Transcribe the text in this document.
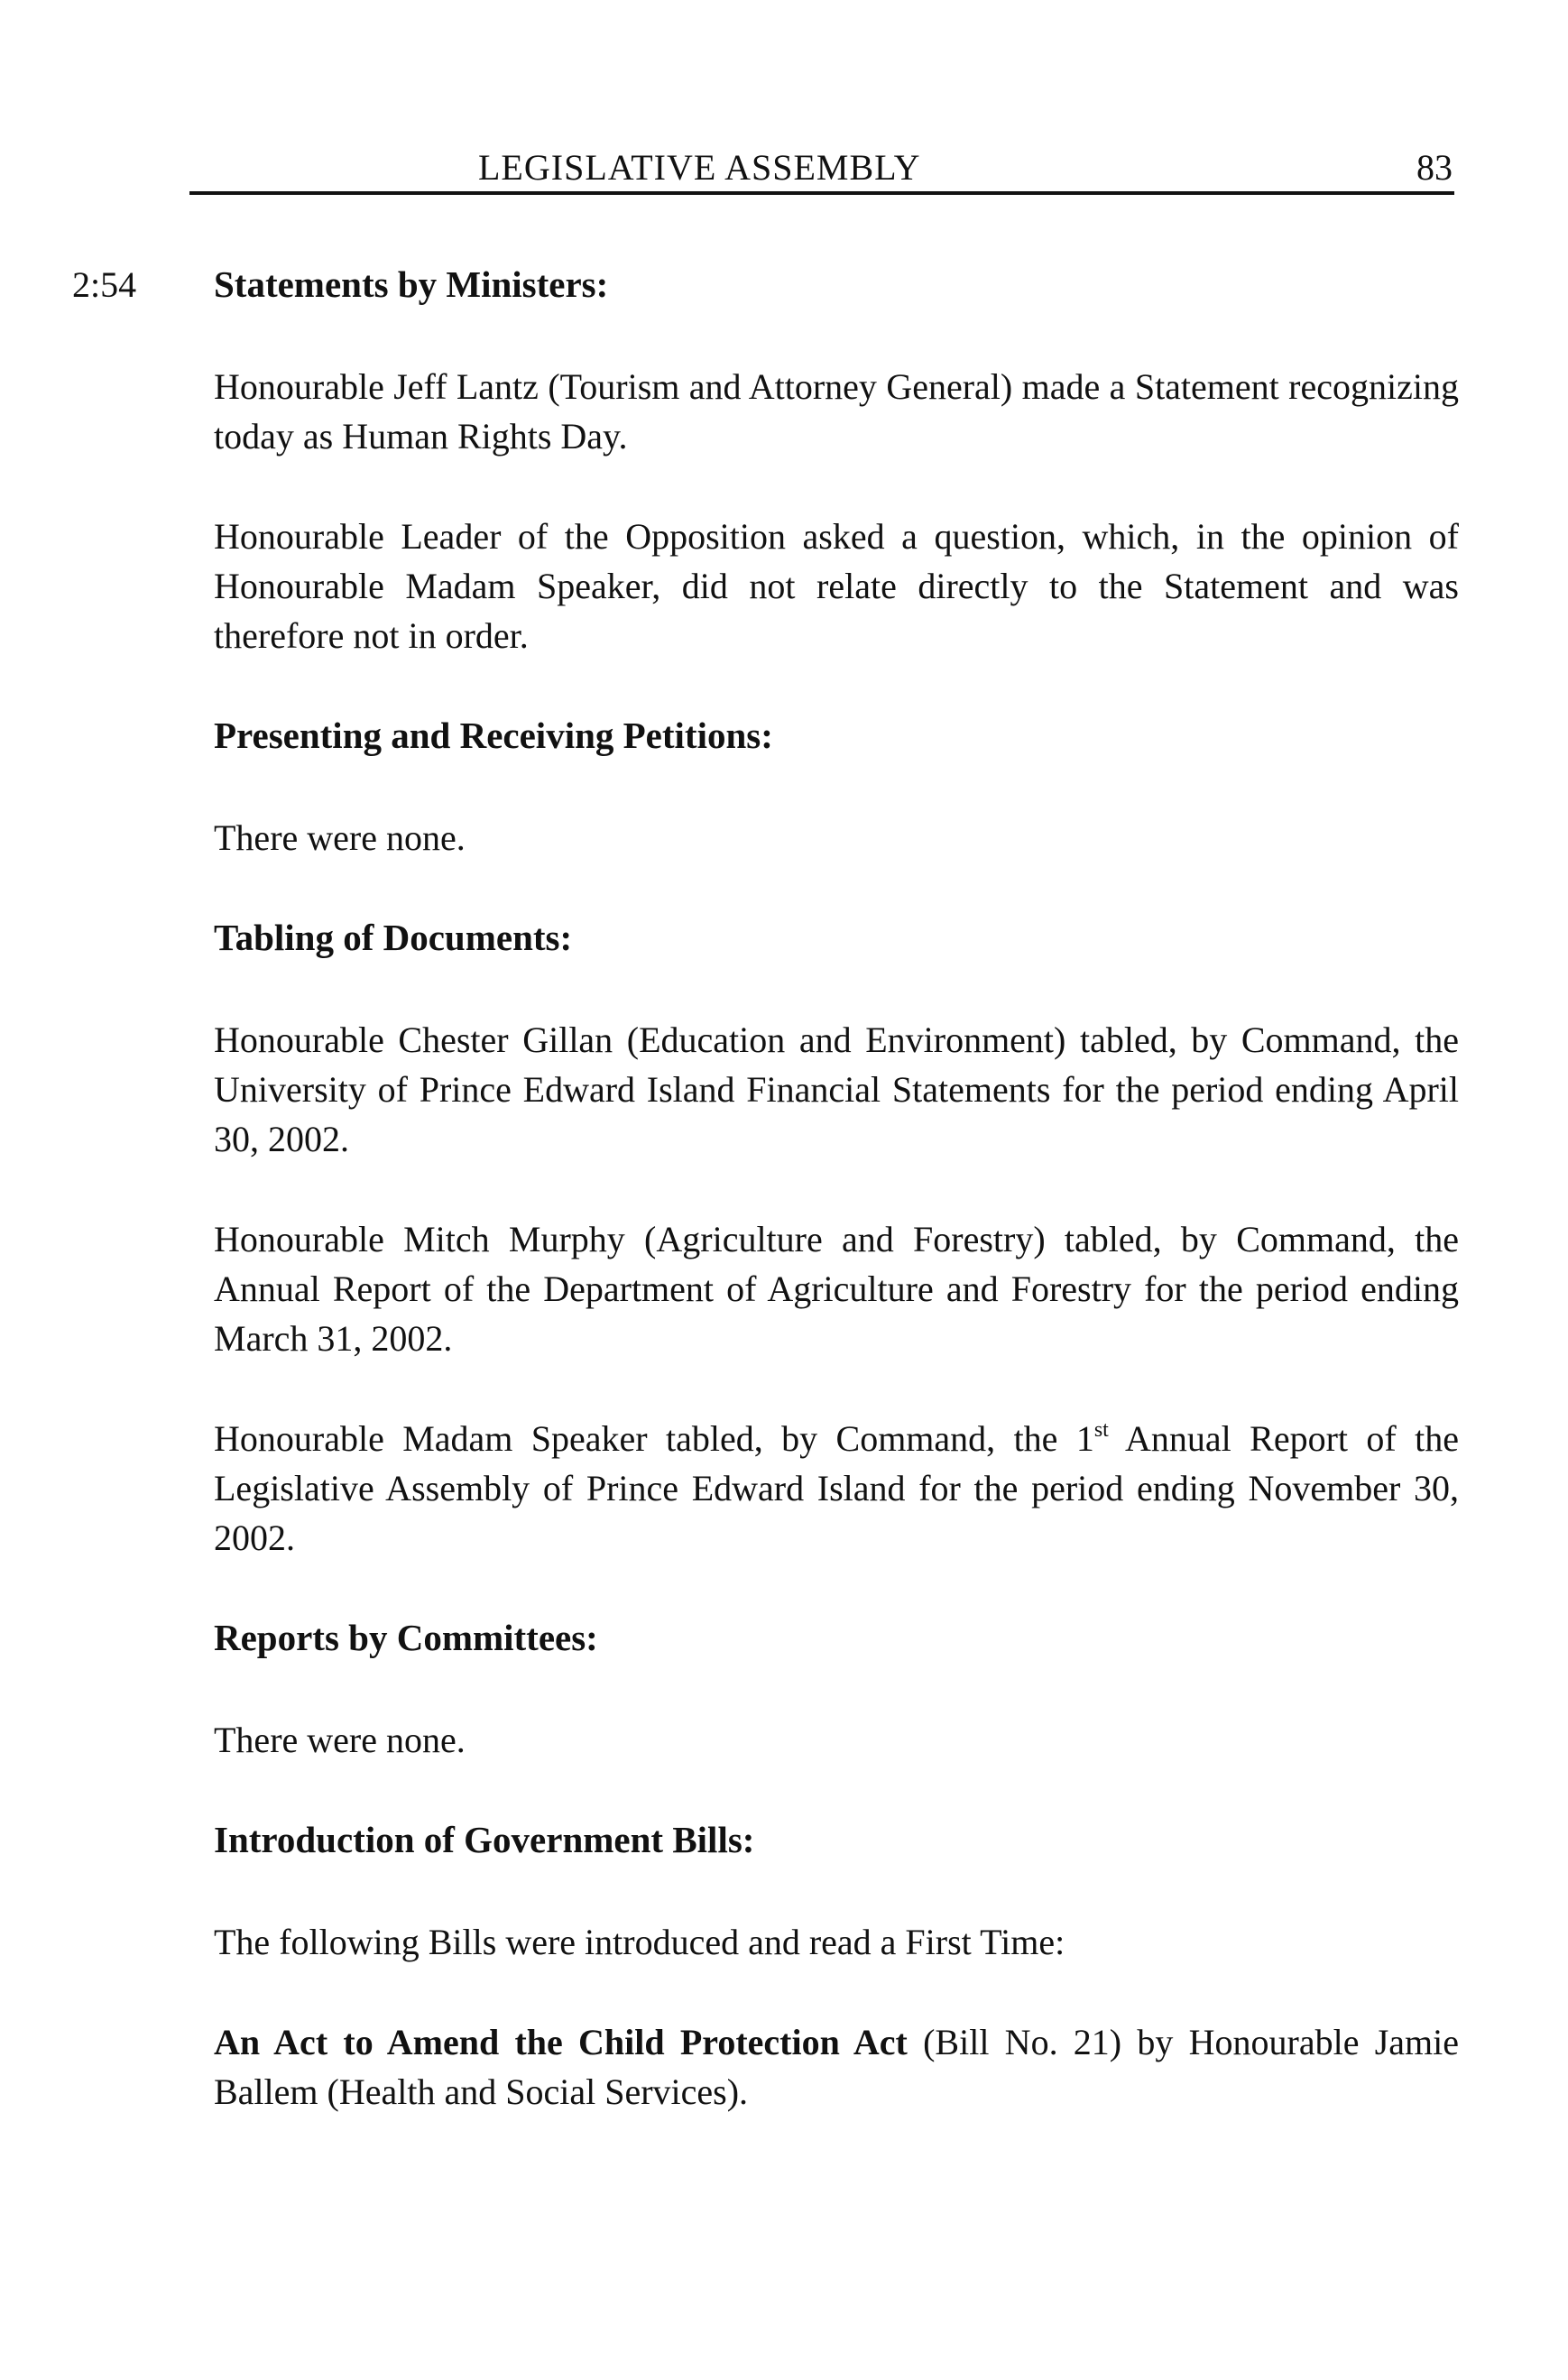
LEGISLATIVE ASSEMBLY	83
2:54 Statements by Ministers:

Honourable Jeff Lantz (Tourism and Attorney General) made a Statement recognizing today as Human Rights Day.

Honourable Leader of the Opposition asked a question, which, in the opinion of Honourable Madam Speaker, did not relate directly to the Statement and was therefore not in order.

Presenting and Receiving Petitions:

There were none.

Tabling of Documents:

Honourable Chester Gillan (Education and Environment) tabled, by Command, the University of Prince Edward Island Financial Statements for the period ending April 30, 2002.

Honourable Mitch Murphy (Agriculture and Forestry) tabled, by Command, the Annual Report of the Department of Agriculture and Forestry for the period ending March 31, 2002.

Honourable Madam Speaker tabled, by Command, the 1st Annual Report of the Legislative Assembly of Prince Edward Island for the period ending November 30, 2002.

Reports by Committees:

There were none.

Introduction of Government Bills:

The following Bills were introduced and read a First Time:

An Act to Amend the Child Protection Act (Bill No. 21) by Honourable Jamie Ballem (Health and Social Services).
